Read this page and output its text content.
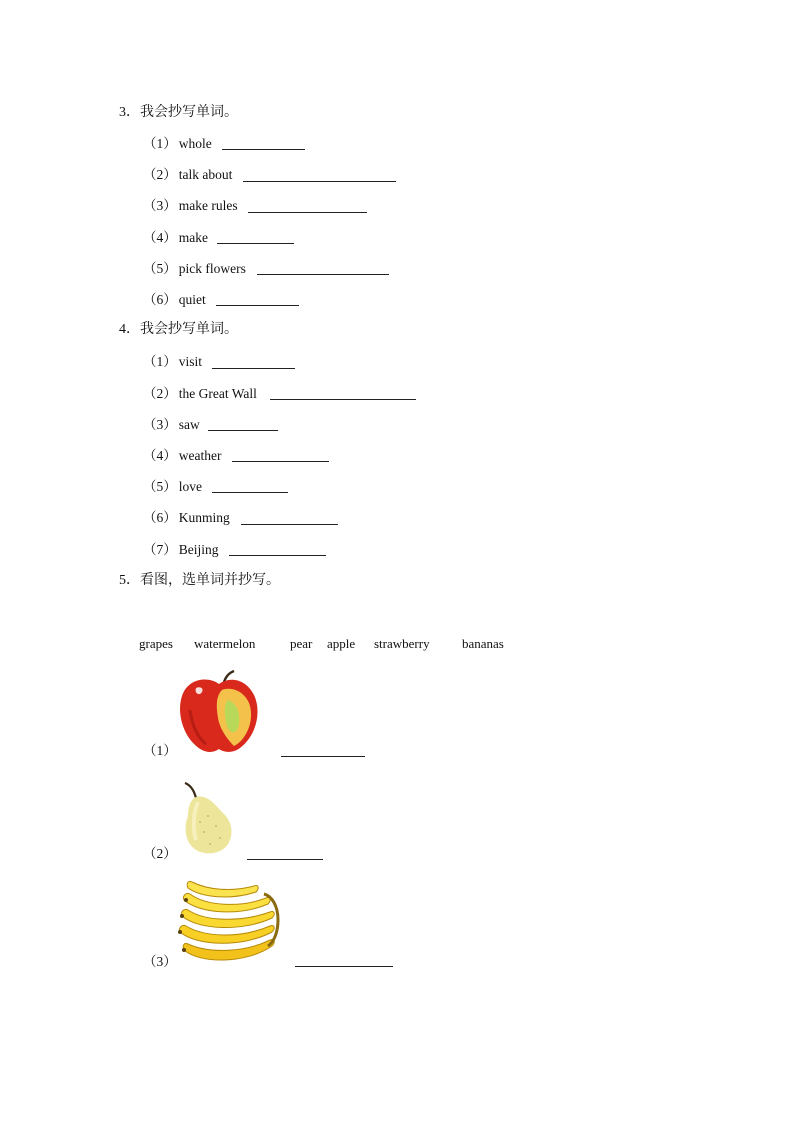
3．我会抄写单词。
（1） whole
（2） talk about
（3） make rules
（4） make
（5） pick flowers
（6） quiet
4．我会抄写单词。
（1） visit
（2） the Great Wall
（3） saw
（4） weather
（5） love
（6） Kunming
（7） Beijing
5．看图，选单词并抄写。
grapes watermelon	pear apple strawberry bananas
（1）
（2）
（3）
